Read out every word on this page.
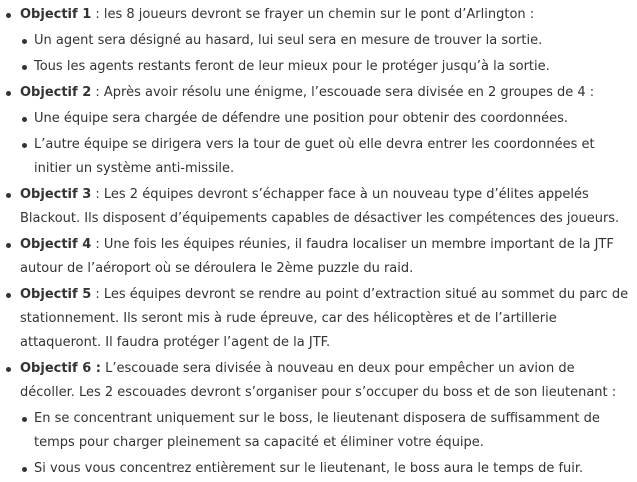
Objectif 1 : les 8 joueurs devront se frayer un chemin sur le pont d’Arlington :
Un agent sera désigné au hasard, lui seul sera en mesure de trouver la sortie.
Tous les agents restants feront de leur mieux pour le protéger jusqu’à la sortie.
Objectif 2 : Après avoir résolu une énigme, l’escouade sera divisée en 2 groupes de 4 :
Une équipe sera chargée de défendre une position pour obtenir des coordonnées.
L’autre équipe se dirigera vers la tour de guet où elle devra entrer les coordonnées et initier un système anti-missile.
Objectif 3 : Les 2 équipes devront s’échapper face à un nouveau type d’élites appelés Blackout. Ils disposent d’équipements capables de désactiver les compétences des joueurs.
Objectif 4 : Une fois les équipes réunies, il faudra localiser un membre important de la JTF autour de l’aéroport où se déroulera le 2ème puzzle du raid.
Objectif 5 : Les équipes devront se rendre au point d’extraction situé au sommet du parc de stationnement. Ils seront mis à rude épreuve, car des hélicoptères et de l’artillerie attaqueront. Il faudra protéger l’agent de la JTF.
Objectif 6 : L’escouade sera divisée à nouveau en deux pour empêcher un avion de décoller. Les 2 escouades devront s’organiser pour s’occuper du boss et de son lieutenant :
En se concentrant uniquement sur le boss, le lieutenant disposera de suffisamment de temps pour charger pleinement sa capacité et éliminer votre équipe.
Si vous vous concentrez entièrement sur le lieutenant, le boss aura le temps de fuir.
